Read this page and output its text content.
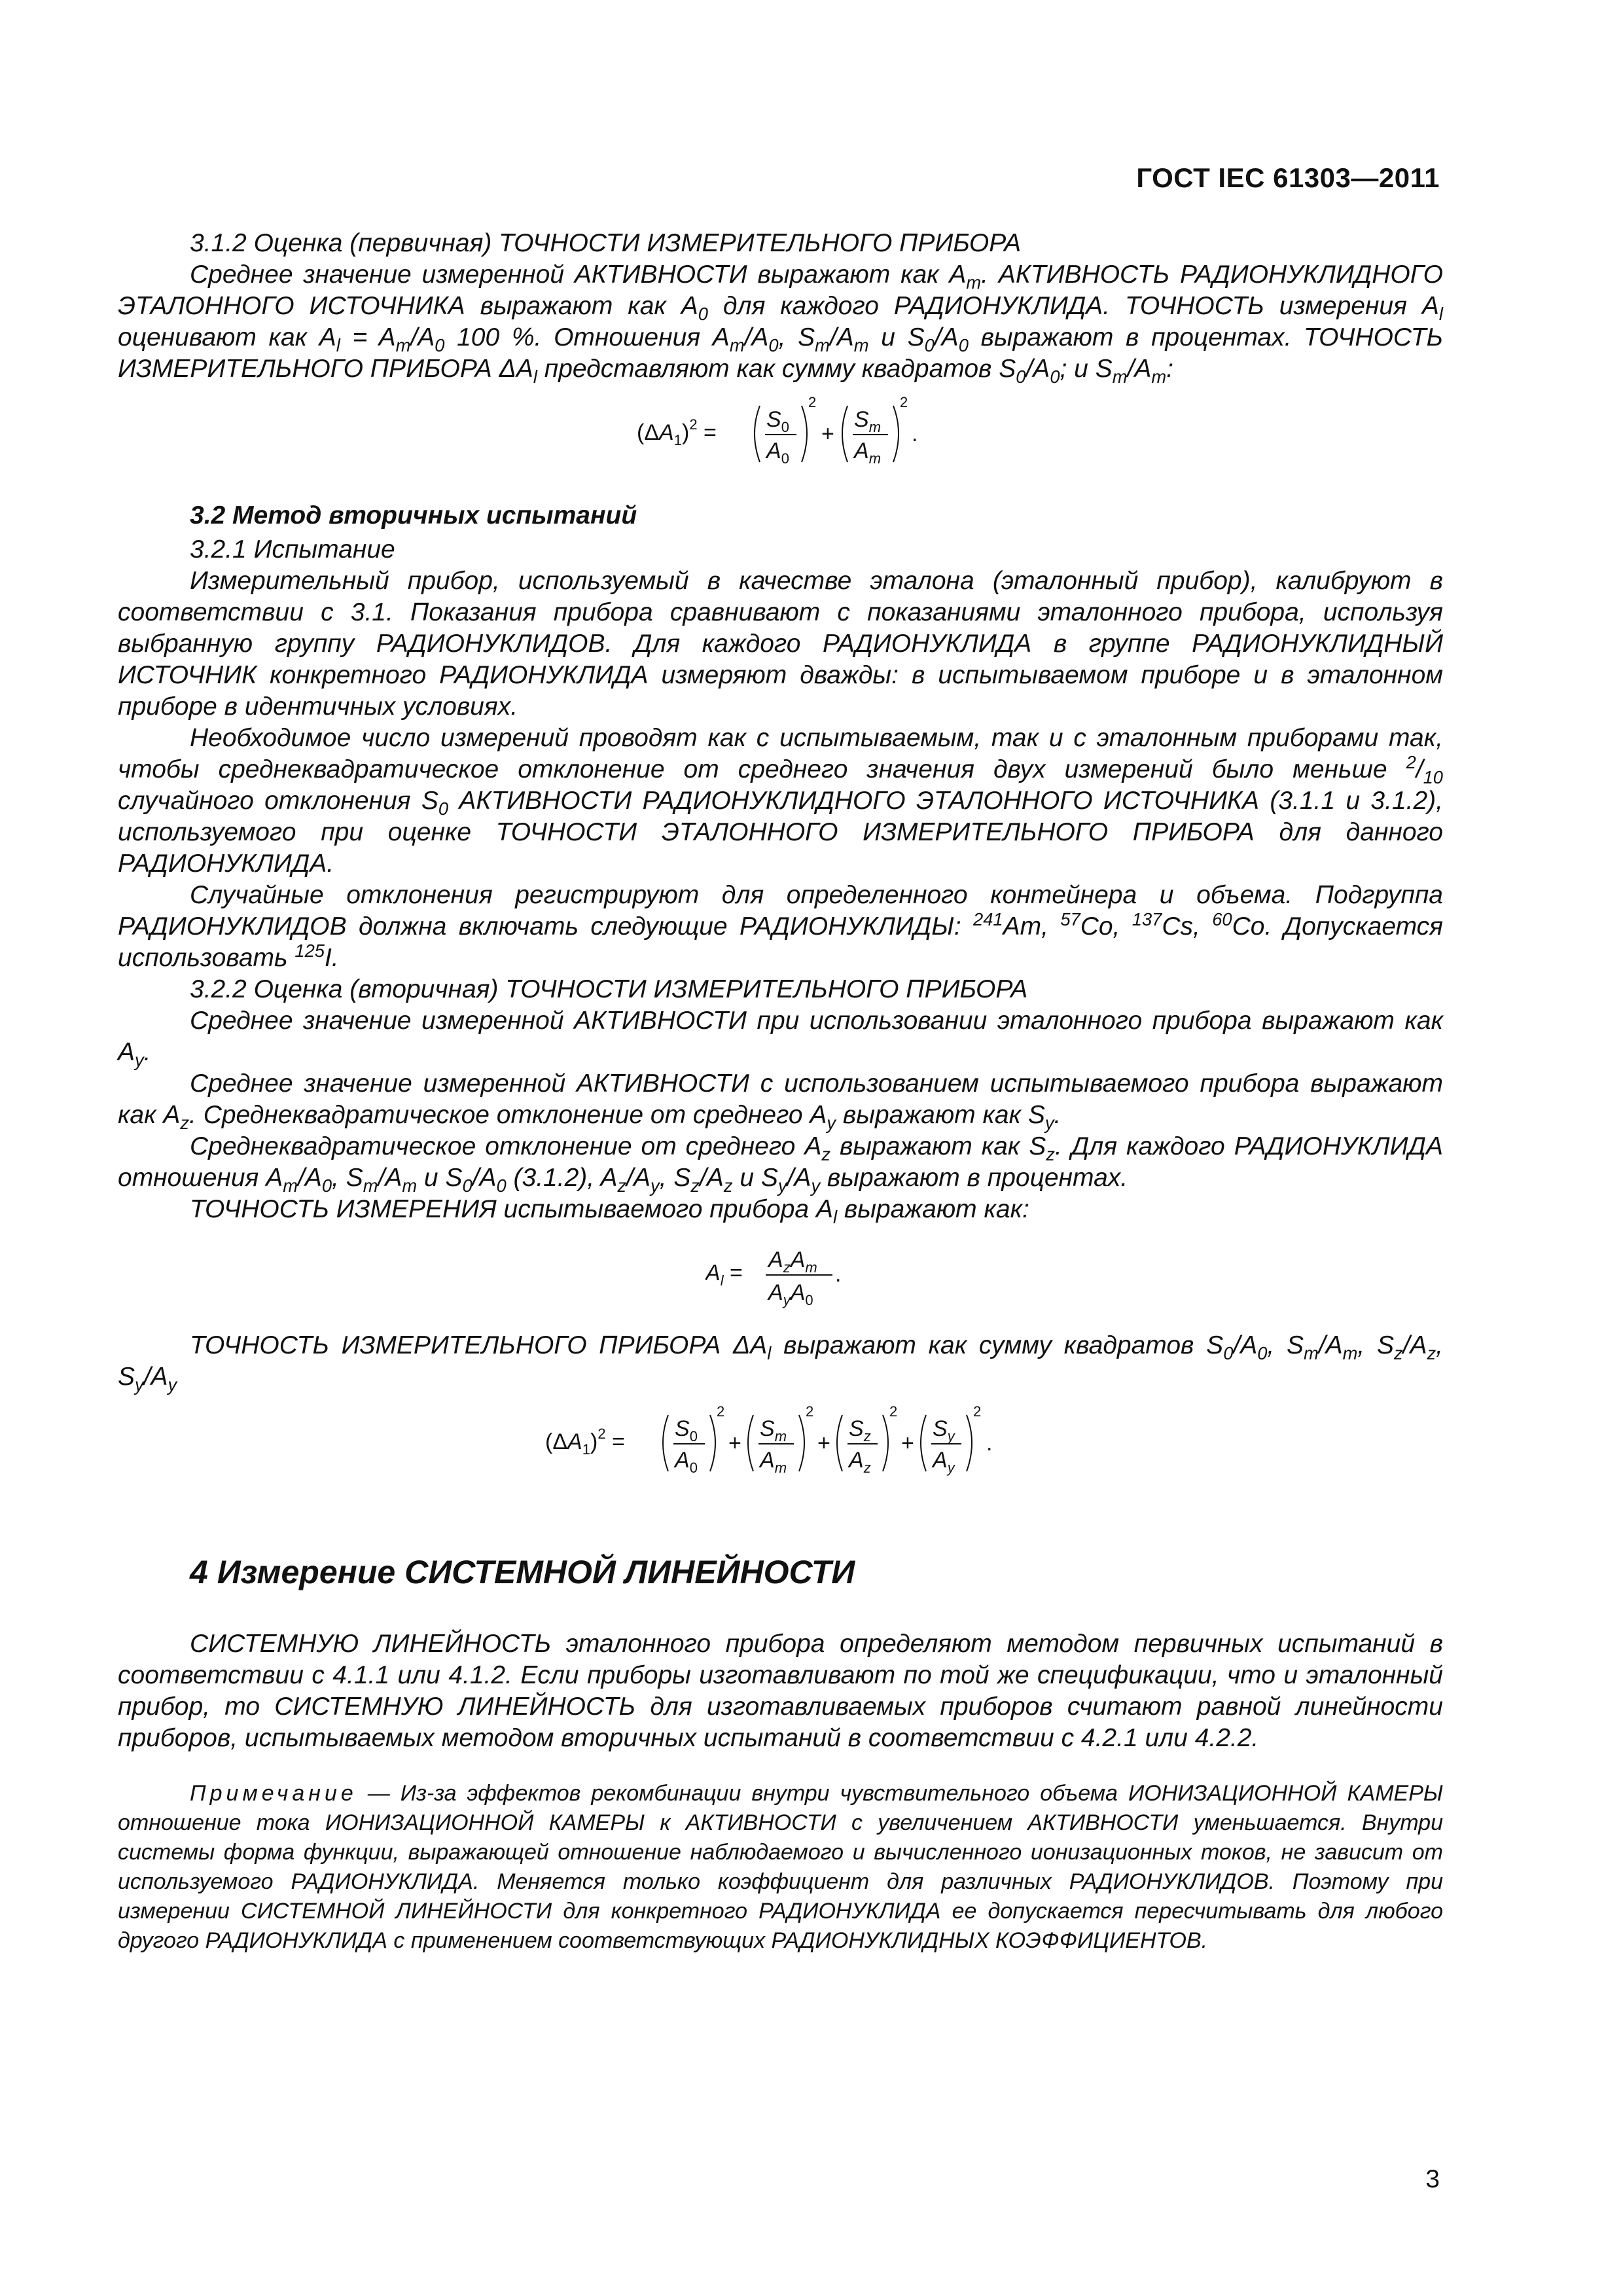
ГОСТ IEC 61303—2011

3.1.2 Оценка (первичная) ТОЧНОСТИ ИЗМЕРИТЕЛЬНОГО ПРИБОРА

Среднее значение измеренной АКТИВНОСТИ выражают как $A_m$. АКТИВНОСТЬ РАДИОНУКЛИДНОГО ЭТАЛОННОГО ИСТОЧНИКА выражают как $A_0$ для каждого РАДИОНУКЛИДА. ТОЧНОСТЬ измерения $A_l$ оценивают как $A_l = A_m/A_0$ 100 %. Отношения $A_m/A_0$, $S_m/A_m$ и $S_0/A_0$ выражают в процентах. ТОЧНОСТЬ ИЗМЕРИТЕЛЬНОГО ПРИБОРА $\Delta A_l$ представляют как сумму квадратов $S_0/A_0$; и $S_m/A_m$:

$(\Delta A_1)^2$ =
$S_0$
$A_0$
2
+
$S_m$
$A_m$
2
.

3.2 Метод вторичных испытаний

3.2.1 Испытание

Измерительный прибор, используемый в качестве эталона (эталонный прибор), калибруют в соответствии с 3.1. Показания прибора сравнивают с показаниями эталонного прибора, используя выбранную группу РАДИОНУКЛИДОВ. Для каждого РАДИОНУКЛИДА в группе РАДИОНУКЛИДНЫЙ ИСТОЧНИК конкретного РАДИОНУКЛИДА измеряют дважды: в испытываемом приборе и в эталонном приборе в идентичных условиях.

Необходимое число измерений проводят как с испытываемым, так и с эталонным приборами так, чтобы среднеквадратическое отклонение от среднего значения двух измерений было меньше $^2/_{10}$ случайного отклонения $S_0$ АКТИВНОСТИ РАДИОНУКЛИДНОГО ЭТАЛОННОГО ИСТОЧНИКА (3.1.1 и 3.1.2), используемого при оценке ТОЧНОСТИ ЭТАЛОННОГО ИЗМЕРИТЕЛЬНОГО ПРИБОРА для данного РАДИОНУКЛИДА.

Случайные отклонения регистрируют для определенного контейнера и объема. Подгруппа РАДИОНУКЛИДОВ должна включать следующие РАДИОНУКЛИДЫ: $^{241}$Am, $^{57}$Co, $^{137}$Cs, $^{60}$Co. Допускается использовать $^{125}$I.

3.2.2 Оценка (вторичная) ТОЧНОСТИ ИЗМЕРИТЕЛЬНОГО ПРИБОРА

Среднее значение измеренной АКТИВНОСТИ при использовании эталонного прибора выражают как $A_y$.

Среднее значение измеренной АКТИВНОСТИ с использованием испытываемого прибора выражают как $A_z$. Среднеквадратическое отклонение от среднего $A_y$ выражают как $S_y$.

Среднеквадратическое отклонение от среднего $A_z$ выражают как $S_z$. Для каждого РАДИОНУКЛИДА отношения $A_m/A_0$, $S_m/A_m$ и $S_0/A_0$ (3.1.2), $A_z/A_y$, $S_z/A_z$ и $S_y/A_y$ выражают в процентах.

ТОЧНОСТЬ ИЗМЕРЕНИЯ испытываемого прибора $A_l$ выражают как:

$A_l$ =
$A_zA_m$
$A_yA_0$
.

ТОЧНОСТЬ ИЗМЕРИТЕЛЬНОГО ПРИБОРА $\Delta A_l$ выражают как сумму квадратов $S_0/A_0$, $S_m/A_m$, $S_z/A_z$, $S_y/A_y$

$(\Delta A_1)^2$ =
$S_0$
$A_0$
2
+
$S_m$
$A_m$
2
+
$S_z$
$A_z$
2
+
$S_y$
$A_y$
2
.

4 Измерение СИСТЕМНОЙ ЛИНЕЙНОСТИ

СИСТЕМНУЮ ЛИНЕЙНОСТЬ эталонного прибора определяют методом первичных испытаний в соответствии с 4.1.1 или 4.1.2. Если приборы изготавливают по той же спецификации, что и эталонный прибор, то СИСТЕМНУЮ ЛИНЕЙНОСТЬ для изготавливаемых приборов считают равной линейности приборов, испытываемых методом вторичных испытаний в соответствии с 4.2.1 или 4.2.2.

Примечание — Из-за эффектов рекомбинации внутри чувствительного объема ИОНИЗАЦИОННОЙ КАМЕРЫ отношение тока ИОНИЗАЦИОННОЙ КАМЕРЫ к АКТИВНОСТИ с увеличением АКТИВНОСТИ уменьшается. Внутри системы форма функции, выражающей отношение наблюдаемого и вычисленного ионизационных токов, не зависит от используемого РАДИОНУКЛИДА. Меняется только коэффициент для различных РАДИОНУКЛИДОВ. Поэтому при измерении СИСТЕМНОЙ ЛИНЕЙНОСТИ для конкретного РАДИОНУКЛИДА ее допускается пересчитывать для любого другого РАДИОНУКЛИДА с применением соответствующих РАДИОНУКЛИДНЫХ КОЭФФИЦИЕНТОВ.

3
